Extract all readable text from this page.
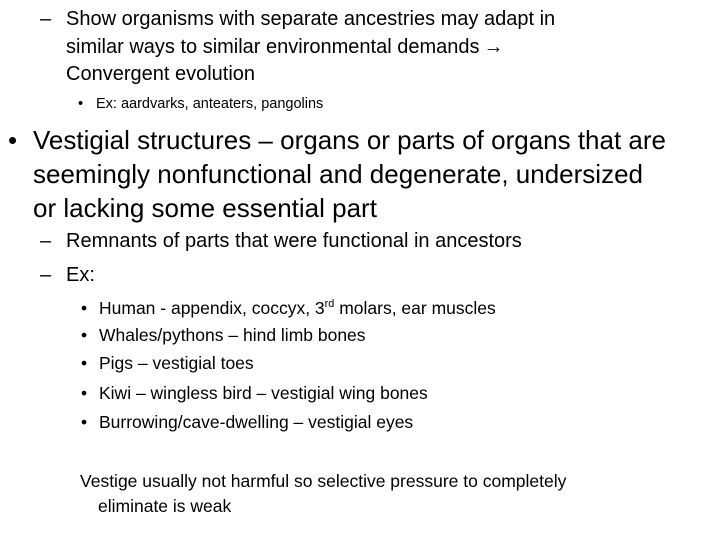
– Show organisms with separate ancestries may adapt in
similar ways to similar environmental demands →
Convergent evolution
• Ex: aardvarks, anteaters, pangolins
• Vestigial structures – organs or parts of organs that are
seemingly nonfunctional and degenerate, undersized
or lacking some essential part
– Remnants of parts that were functional in ancestors
– Ex:
• Human - appendix, coccyx, 3rd molars, ear muscles
• Whales/pythons – hind limb bones
• Pigs – vestigial toes
• Kiwi – wingless bird – vestigial wing bones
• Burrowing/cave-dwelling – vestigial eyes
Vestige usually not harmful so selective pressure to completely
eliminate is weak
